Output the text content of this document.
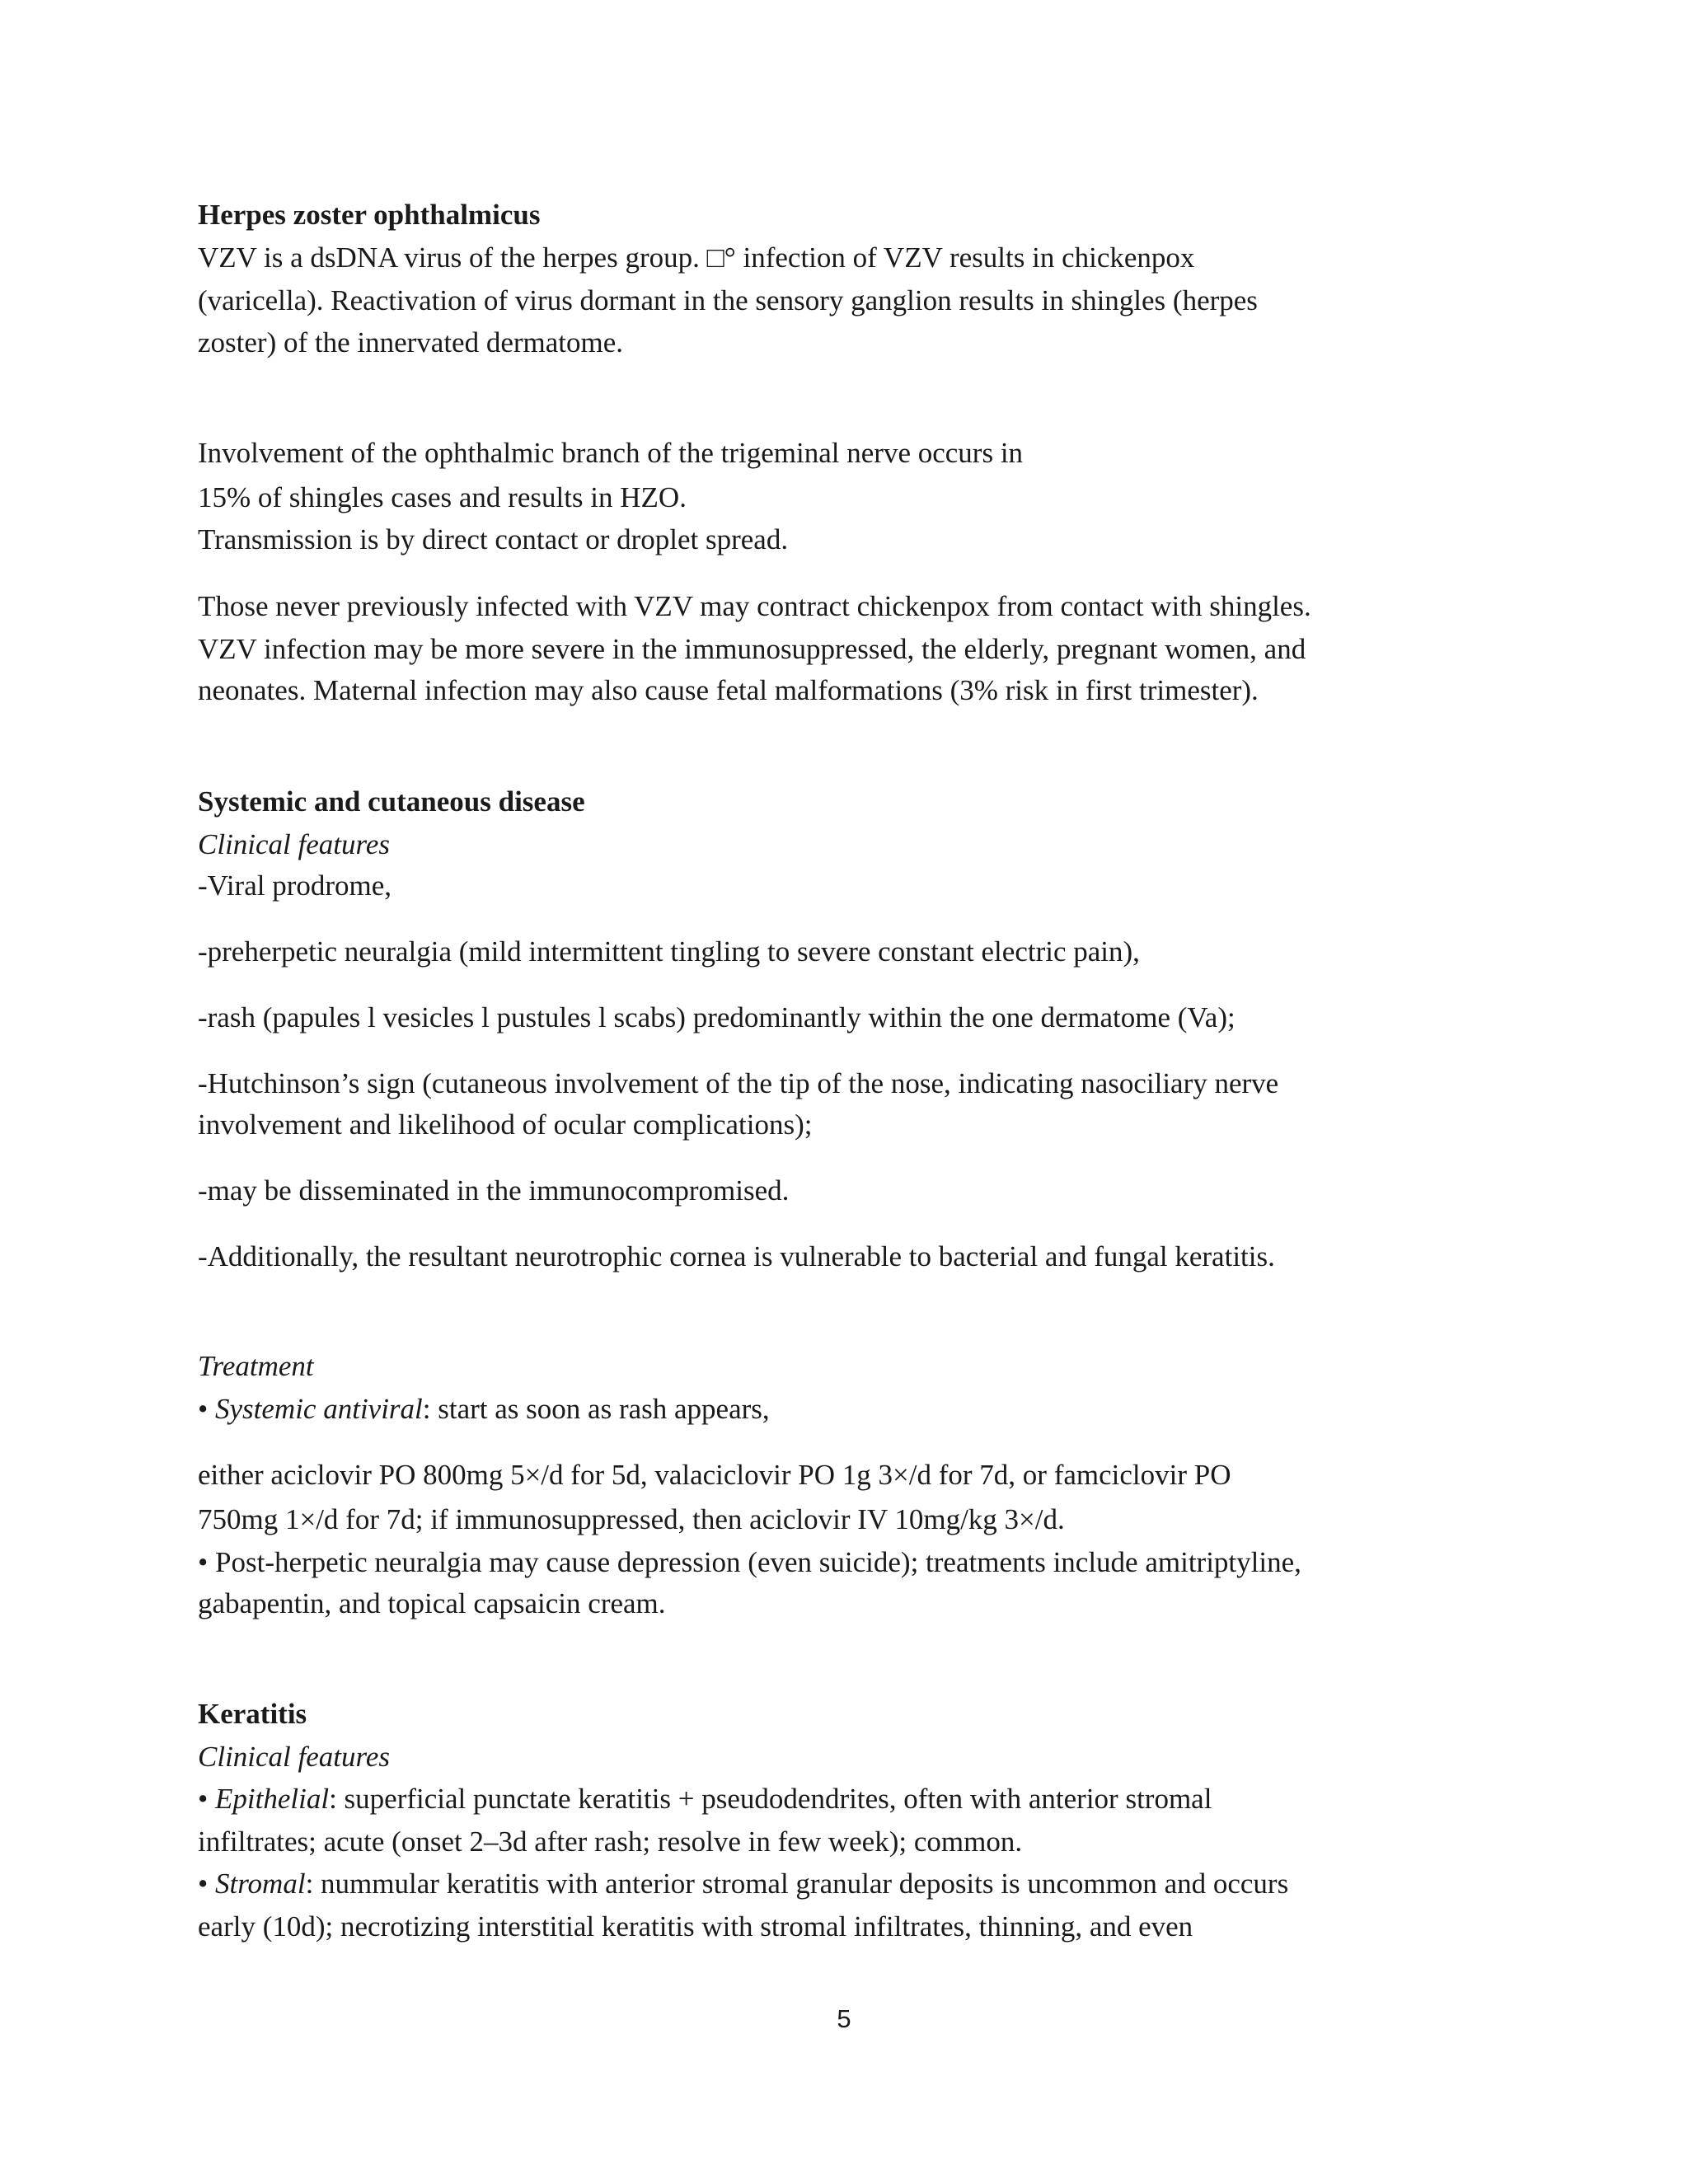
Herpes zoster ophthalmicus
VZV is a dsDNA virus of the herpes group. □° infection of VZV results in chickenpox
(varicella). Reactivation of virus dormant in the sensory ganglion results in shingles (herpes
zoster) of the innervated dermatome.
Involvement of the ophthalmic branch of the trigeminal nerve occurs in
15% of shingles cases and results in HZO.
Transmission is by direct contact or droplet spread.
Those never previously infected with VZV may contract chickenpox from contact with shingles.
VZV infection may be more severe in the immunosuppressed, the elderly, pregnant women, and
neonates. Maternal infection may also cause fetal malformations (3% risk in first trimester).
Systemic and cutaneous disease
Clinical features
-Viral prodrome,
-preherpetic neuralgia (mild intermittent tingling to severe constant electric pain),
-rash (papules l vesicles l pustules l scabs) predominantly within the one dermatome (Va);
-Hutchinson’s sign (cutaneous involvement of the tip of the nose, indicating nasociliary nerve
involvement and likelihood of ocular complications);
-may be disseminated in the immunocompromised.
-Additionally, the resultant neurotrophic cornea is vulnerable to bacterial and fungal keratitis.
Treatment
• Systemic antiviral: start as soon as rash appears,
either aciclovir PO 800mg 5×/d for 5d, valaciclovir PO 1g 3×/d for 7d, or famciclovir PO
750mg 1×/d for 7d; if immunosuppressed, then aciclovir IV 10mg/kg 3×/d.
• Post-herpetic neuralgia may cause depression (even suicide); treatments include amitriptyline,
gabapentin, and topical capsaicin cream.
Keratitis
Clinical features
• Epithelial: superficial punctate keratitis + pseudodendrites, often with anterior stromal
infiltrates; acute (onset 2–3d after rash; resolve in few week); common.
• Stromal: nummular keratitis with anterior stromal granular deposits is uncommon and occurs
early (10d); necrotizing interstitial keratitis with stromal infiltrates, thinning, and even
5
